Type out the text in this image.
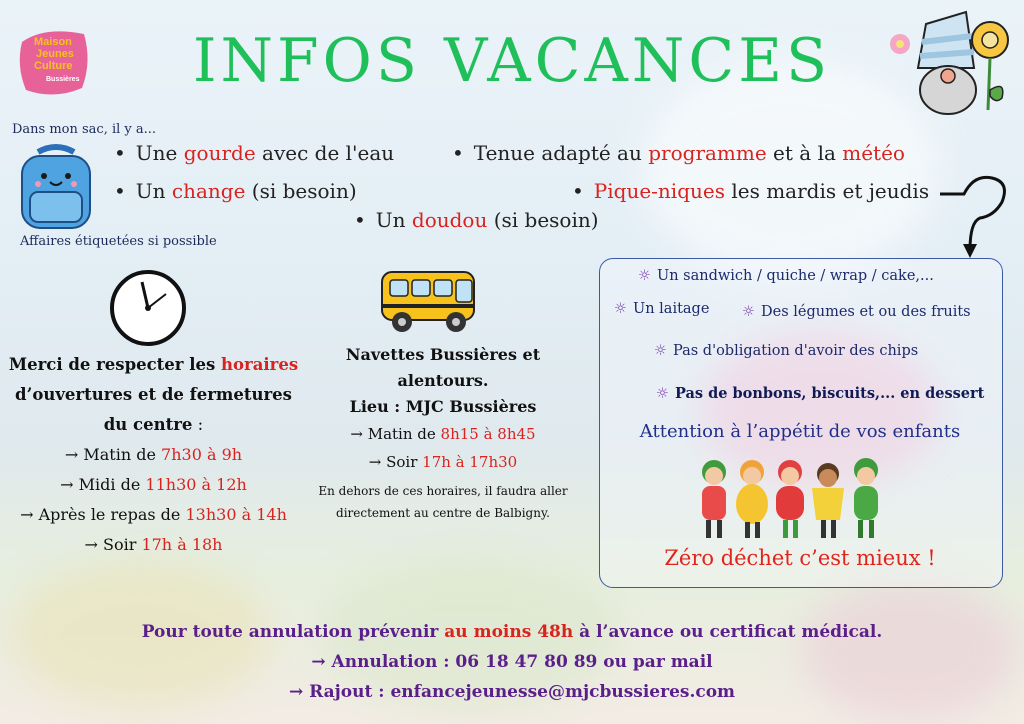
Maison
Jeunes
Culture
Bussières	INFOS VACANCES
Dans mon sac, il y a...
Affaires étiquetées si possible
• Une gourde avec de l'eau	• Tenue adapté au programme et à la météo
• Un change (si besoin)	• Pique-niques les mardis et jeudis
• Un doudou (si besoin)
Merci de respecter les horaires d’ouvertures et de fermetures du centre :
→ Matin de 7h30 à 9h
→ Midi de 11h30 à 12h
→ Après le repas de 13h30 à 14h
→ Soir 17h à 18h
Navettes Bussières et alentours.
Lieu : MJC Bussières
→ Matin de 8h15 à 8h45
→ Soir 17h à 17h30
En dehors de ces horaires, il faudra aller directement au centre de Balbigny.
☼ Un sandwich / quiche / wrap / cake,...
☼ Un laitage ☼ Des légumes et ou des fruits
☼ Pas d'obligation d'avoir des chips
☼ Pas de bonbons, biscuits,... en dessert
Attention à l’appétit de vos enfants
Zéro déchet c’est mieux !
Pour toute annulation prévenir au moins 48h à l’avance ou certificat médical.
→ Annulation : 06 18 47 80 89 ou par mail
→ Rajout : enfancejeunesse@mjcbussieres.com
